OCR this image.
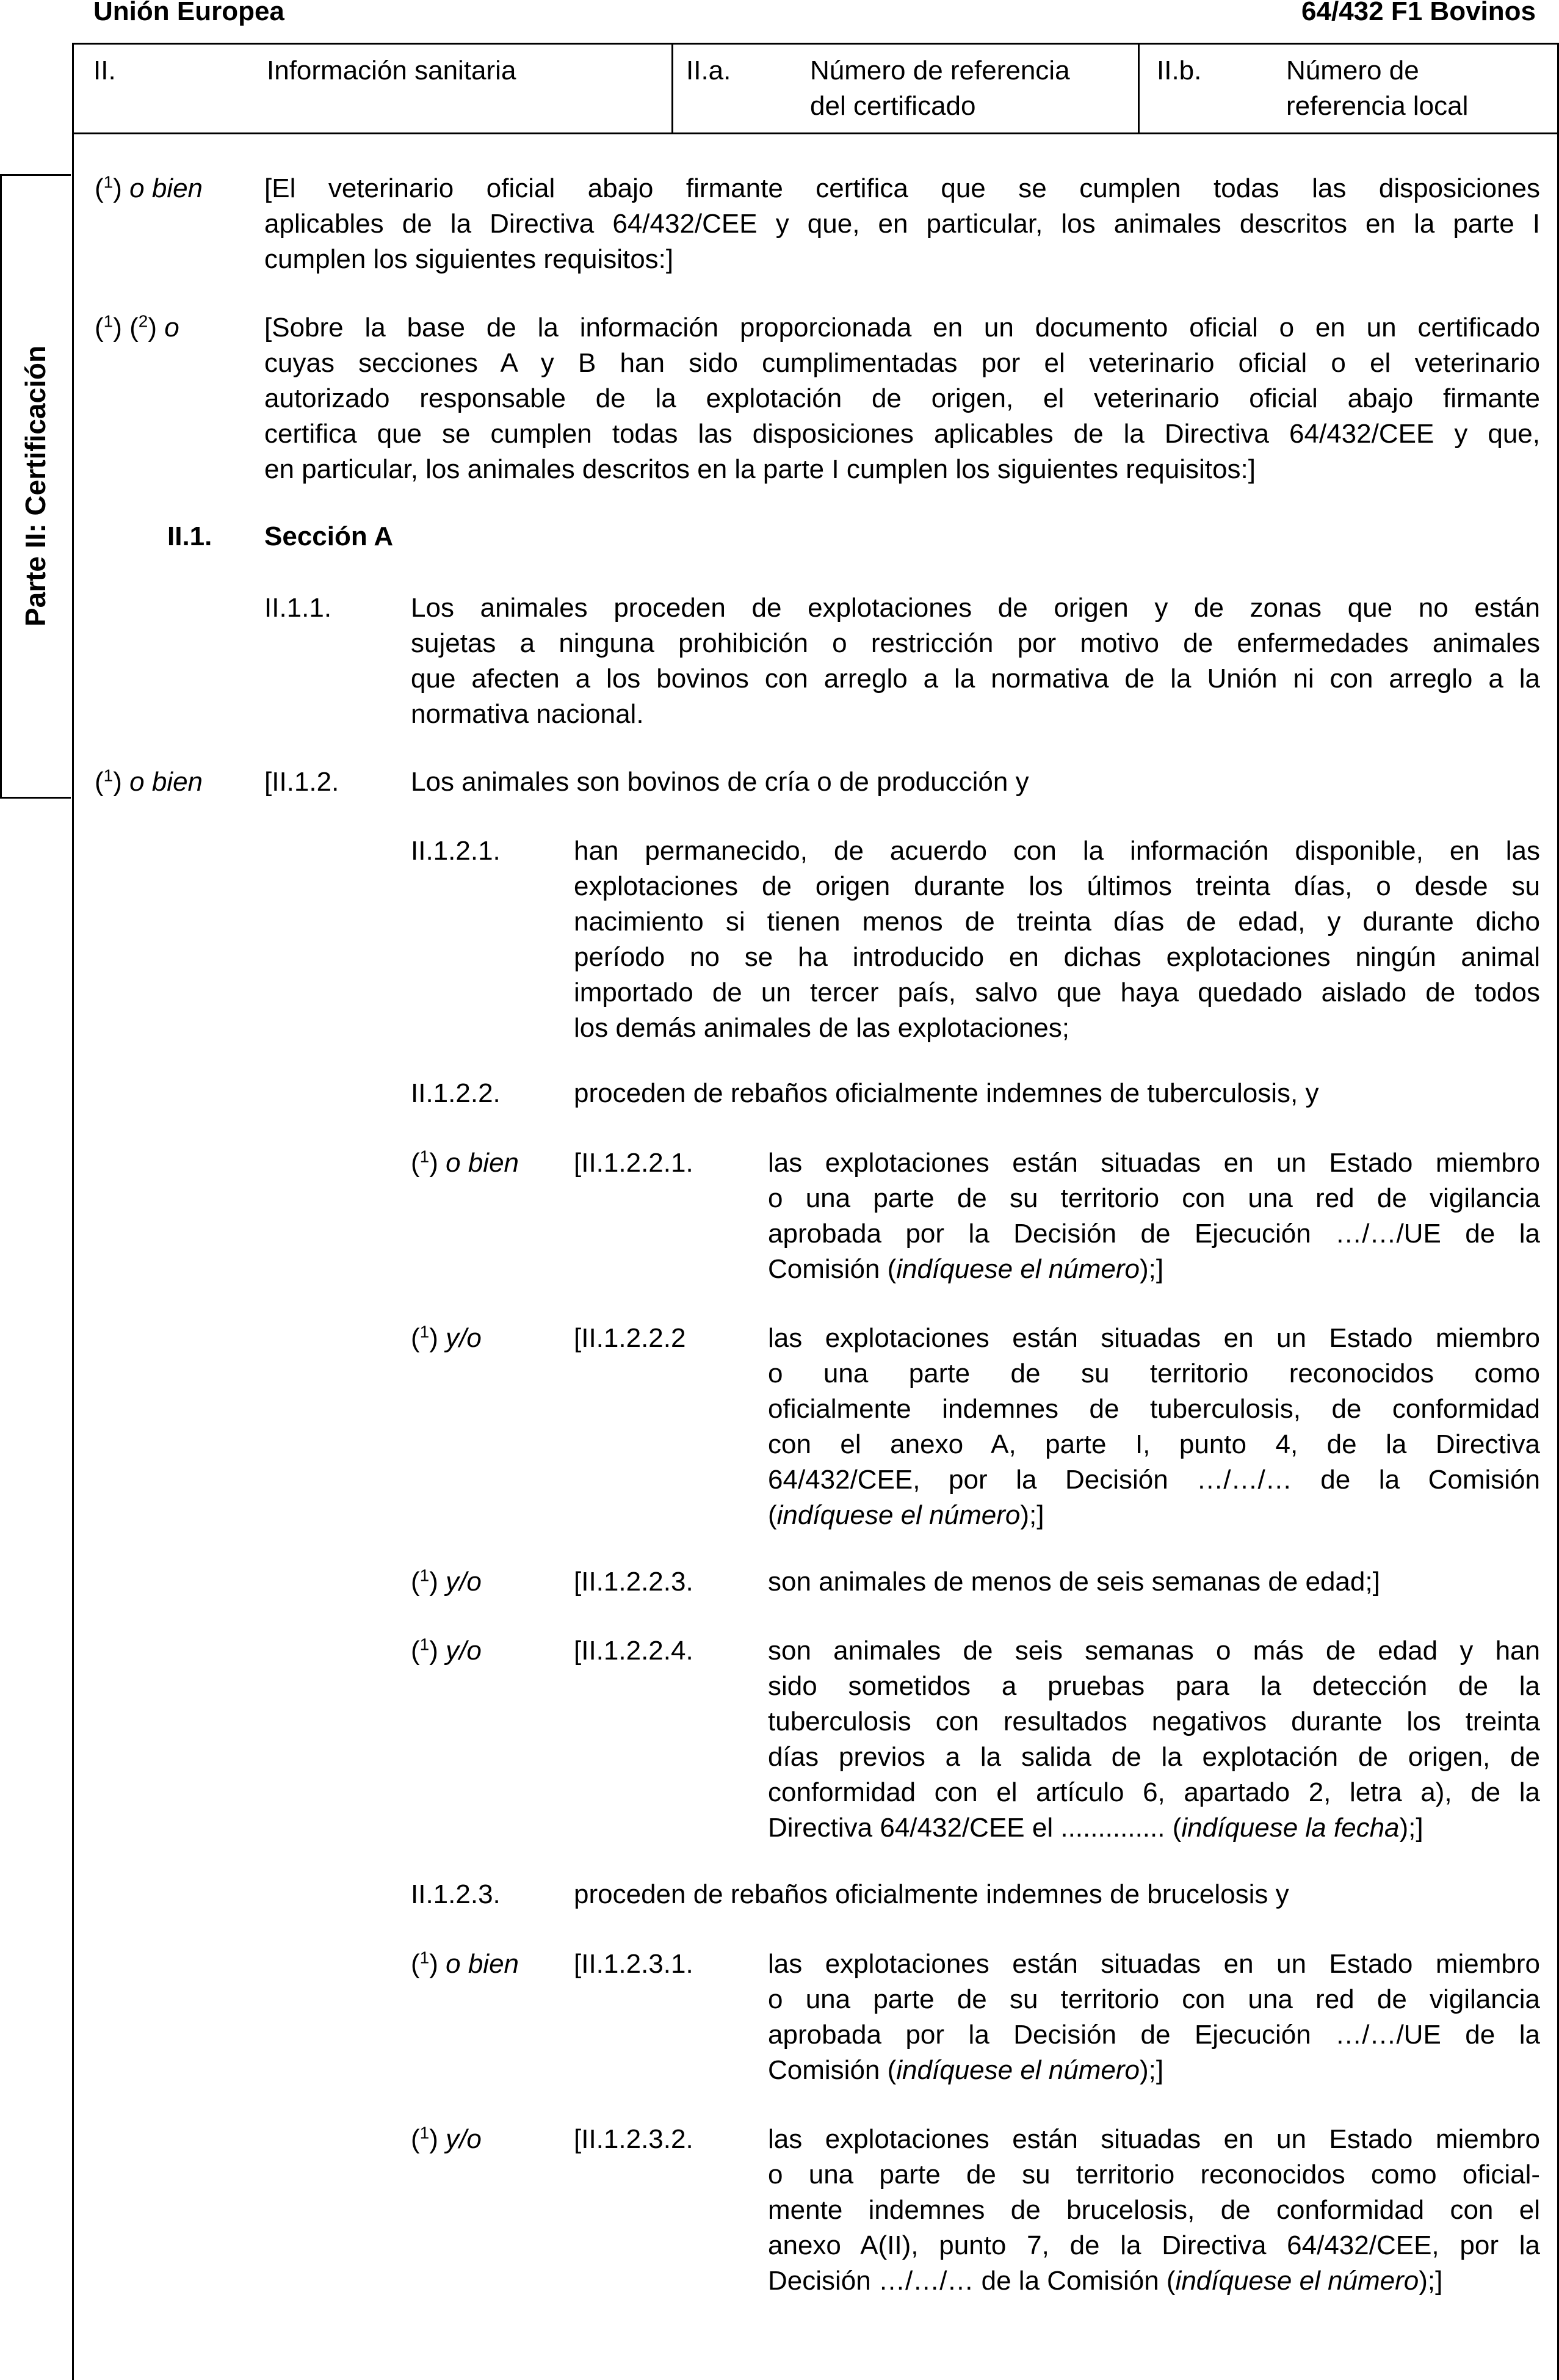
Unión Europea	64/432 F1 Bovinos
II.	Información sanitaria	II.a.	Número de referencia
del certificado
II.b.	Número de
referencia local
Parte II: Certificación
($^1$) o bien [El veterinario oficial abajo firmante certifica que se cumplen todas las disposiciones
aplicables de la Directiva 64/432/CEE y que, en particular, los animales descritos en la parte I
cumplen los siguientes requisitos:]
($^1$) ($^2$) o	[Sobre la base de la información proporcionada en un documento oficial o en un certificado
cuyas secciones A y B han sido cumplimentadas por el veterinario oficial o el veterinario
autorizado responsable de la explotación de origen, el veterinario oficial abajo firmante
certifica que se cumplen todas las disposiciones aplicables de la Directiva 64/432/CEE y que,
en particular, los animales descritos en la parte I cumplen los siguientes requisitos:]
II.1. Sección A
II.1.1.	Los animales proceden de explotaciones de origen y de zonas que no están
sujetas a ninguna prohibición o restricción por motivo de enfermedades animales
que afecten a los bovinos con arreglo a la normativa de la Unión ni con arreglo a la
normativa nacional.
($^1$) o bien [II.1.2.	Los animales son bovinos de cría o de producción y
II.1.2.1.	han permanecido, de acuerdo con la información disponible, en las
explotaciones de origen durante los últimos treinta días, o desde su
nacimiento si tienen menos de treinta días de edad, y durante dicho
período no se ha introducido en dichas explotaciones ningún animal
importado de un tercer país, salvo que haya quedado aislado de todos
los demás animales de las explotaciones;
II.1.2.2.	proceden de rebaños oficialmente indemnes de tuberculosis, y
($^1$) o bien [II.1.2.2.1.	las explotaciones están situadas en un Estado miembro
o una parte de su territorio con una red de vigilancia
aprobada por la Decisión de Ejecución …/…/UE de la
Comisión (indíquese el número);]
($^1$) y/o	[II.1.2.2.2	las explotaciones están situadas en un Estado miembro
o una parte de su territorio reconocidos como
oficialmente indemnes de tuberculosis, de conformidad
con el anexo A, parte I, punto 4, de la Directiva
64/432/CEE, por la Decisión …/…/… de la Comisión
(indíquese el número);]
($^1$) y/o	[II.1.2.2.3.	son animales de menos de seis semanas de edad;]
($^1$) y/o	[II.1.2.2.4.	son animales de seis semanas o más de edad y han
sido sometidos a pruebas para la detección de la
tuberculosis con resultados negativos durante los treinta
días previos a la salida de la explotación de origen, de
conformidad con el artículo 6, apartado 2, letra a), de la
Directiva 64/432/CEE el .............. (indíquese la fecha);]
II.1.2.3.	proceden de rebaños oficialmente indemnes de brucelosis y
($^1$) o bien [II.1.2.3.1.	las explotaciones están situadas en un Estado miembro
o una parte de su territorio con una red de vigilancia
aprobada por la Decisión de Ejecución …/…/UE de la
Comisión (indíquese el número);]
($^1$) y/o	[II.1.2.3.2.	las explotaciones están situadas en un Estado miembro
o una parte de su territorio reconocidos como oficial-
mente indemnes de brucelosis, de conformidad con el
anexo A(II), punto 7, de la Directiva 64/432/CEE, por la
Decisión …/…/… de la Comisión (indíquese el número);]
